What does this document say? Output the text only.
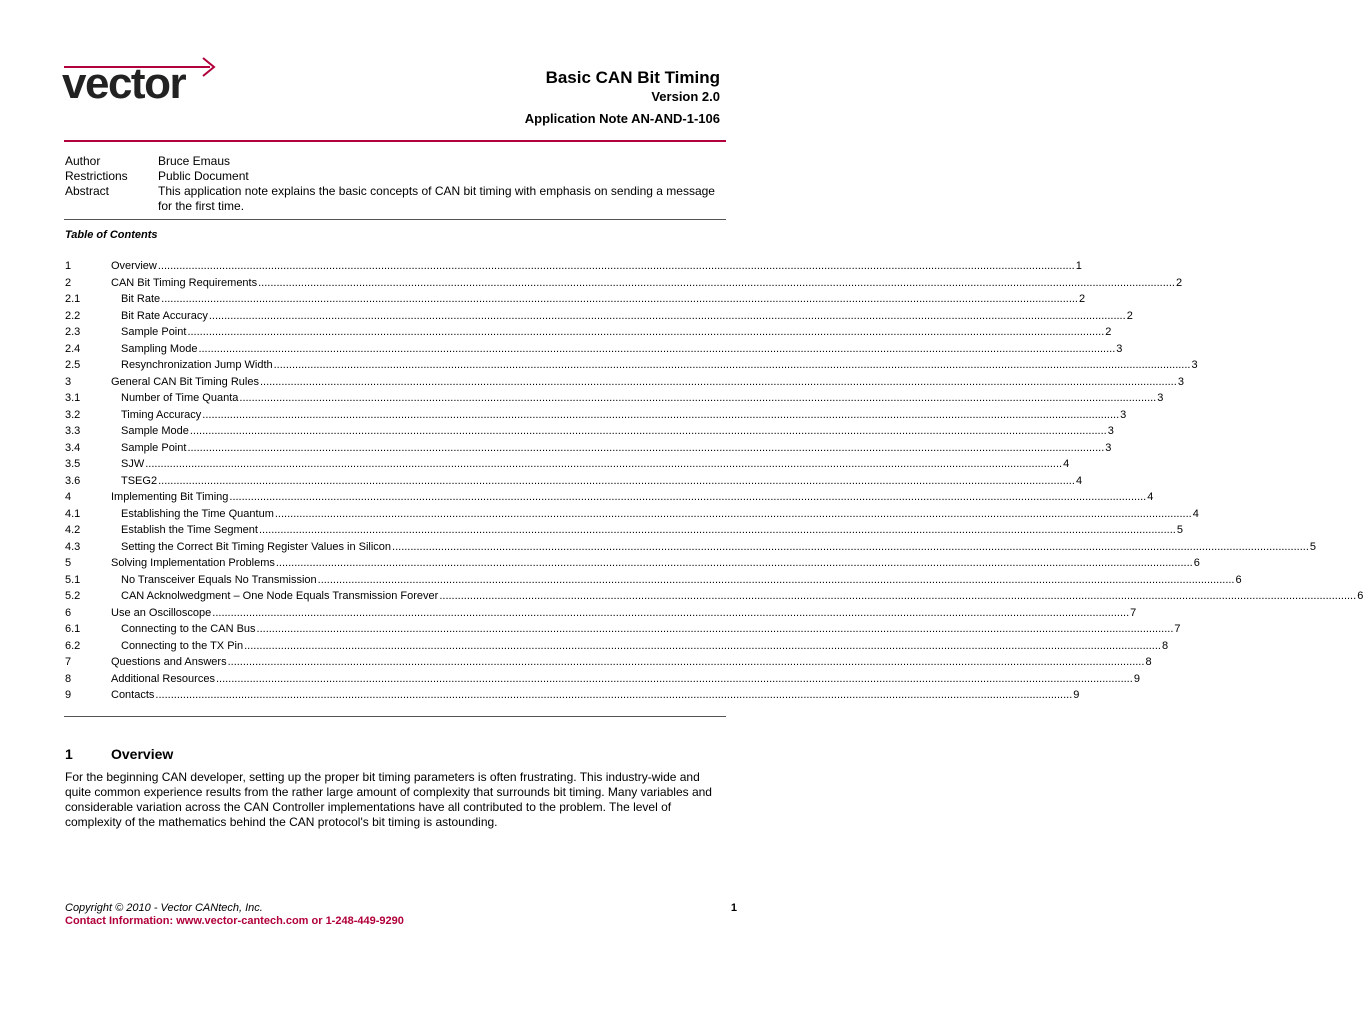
vector	Basic CAN Bit Timing
Version 2.0
Application Note AN-AND-1-106
Author	Bruce Emaus
Restrictions	Public Document
Abstract	This application note explains the basic concepts of CAN bit timing with emphasis on sending a message for the first time.
Table of Contents
1	Overview ............................................................................................................................................................................................................................................................................................................ 1
2	CAN Bit Timing Requirements ............................................................................................................................................................................................................................................................................................................ 2
2.1	Bit Rate ............................................................................................................................................................................................................................................................................................................ 2
2.2	Bit Rate Accuracy ............................................................................................................................................................................................................................................................................................................ 2
2.3	Sample Point ............................................................................................................................................................................................................................................................................................................ 2
2.4	Sampling Mode ............................................................................................................................................................................................................................................................................................................ 3
2.5	Resynchronization Jump Width ............................................................................................................................................................................................................................................................................................................ 3
3	General CAN Bit Timing Rules ............................................................................................................................................................................................................................................................................................................ 3
3.1	Number of Time Quanta ............................................................................................................................................................................................................................................................................................................ 3
3.2	Timing Accuracy ............................................................................................................................................................................................................................................................................................................ 3
3.3	Sample Mode ............................................................................................................................................................................................................................................................................................................ 3
3.4	Sample Point ............................................................................................................................................................................................................................................................................................................ 3
3.5	SJW ............................................................................................................................................................................................................................................................................................................ 4
3.6	TSEG2 ............................................................................................................................................................................................................................................................................................................ 4
4	Implementing Bit Timing ............................................................................................................................................................................................................................................................................................................ 4
4.1	Establishing the Time Quantum ............................................................................................................................................................................................................................................................................................................ 4
4.2	Establish the Time Segment ............................................................................................................................................................................................................................................................................................................ 5
4.3	Setting the Correct Bit Timing Register Values in Silicon ............................................................................................................................................................................................................................................................................................................ 5
5	Solving Implementation Problems ............................................................................................................................................................................................................................................................................................................ 6
5.1	No Transceiver Equals No Transmission ............................................................................................................................................................................................................................................................................................................ 6
5.2	CAN Acknolwedgment – One Node Equals Transmission Forever ............................................................................................................................................................................................................................................................................................................ 6
6	Use an Oscilloscope ............................................................................................................................................................................................................................................................................................................ 7
6.1	Connecting to the CAN Bus ............................................................................................................................................................................................................................................................................................................ 7
6.2	Connecting to the TX Pin ............................................................................................................................................................................................................................................................................................................ 8
7	Questions and Answers ............................................................................................................................................................................................................................................................................................................ 8
8	Additional Resources ............................................................................................................................................................................................................................................................................................................ 9
9	Contacts ............................................................................................................................................................................................................................................................................................................ 9
1	Overview
For the beginning CAN developer, setting up the proper bit timing parameters is often frustrating. This industry-wide and quite common experience results from the rather large amount of complexity that surrounds bit timing. Many variables and considerable variation across the CAN Controller implementations have all contributed to the problem. The level of complexity of the mathematics behind the CAN protocol's bit timing is astounding.
Copyright © 2010 - Vector CANtech, Inc.
Contact Information: www.vector-cantech.com or 1-248-449-9290
1
